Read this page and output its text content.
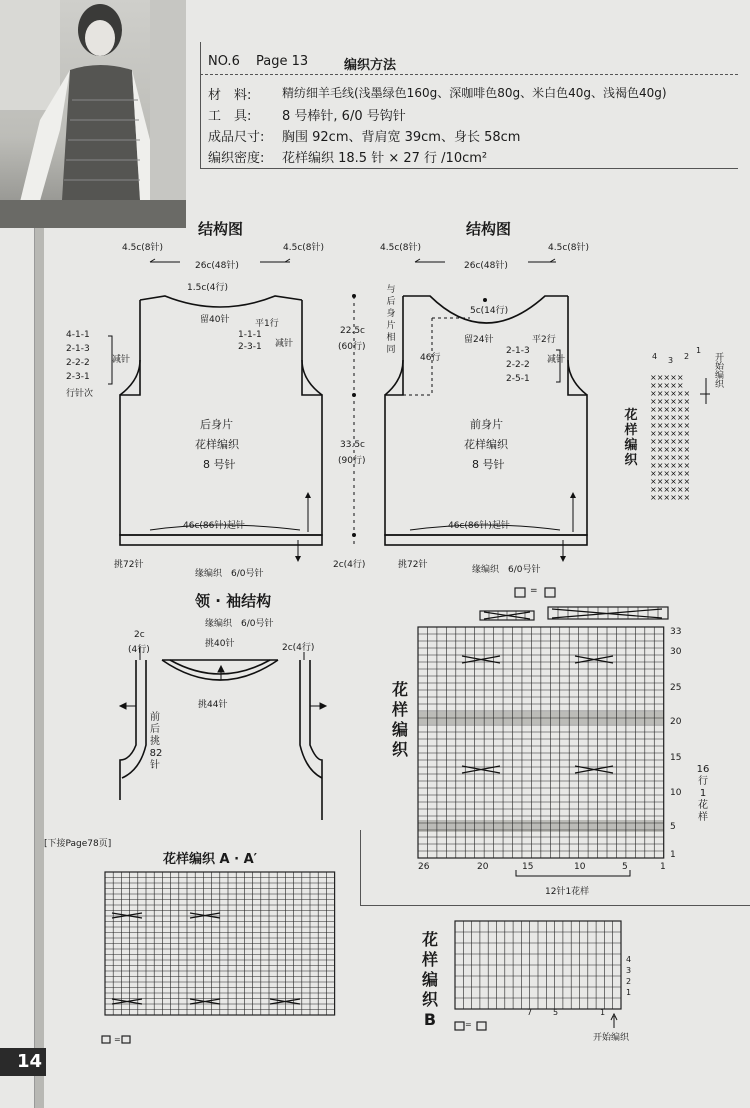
NO.6 Page 13	编织方法
材　料:	精纺细羊毛线(浅墨绿色160g、深咖啡色80g、米白色40g、浅褐色40g)
工　具: 8 号棒针, 6/0 号钩针
成品尺寸: 胸围 92cm、背肩宽 39cm、身长 58cm
编织密度: 花样编织 18.5 针 × 27 行 /10cm²
结构图
4.5c(8针)	4.5c(8针)
26c(48针)
1.5c(4行)
留40针	平1行
1-1-1
2-3-1 减针
4-1-1
2-1-3
2-2-2
2-3-1
行针次
减针
22.5c
(60行)
33.5c
(90行)
后身片
花样编织
8 号针
46c(86针)起针
挑72针
缘编织　6/0号针
2c(4行)
结构图
4.5c(8针)	4.5c(8针)
26c(48针)
与
后
身
片
相
同
5c(14行)
留24针
46行
平2行
2-1-3
2-2-2
2-5-1
减针
前身片
花样编织
8 号针
46c(86针)起针
挑72针	缘编织　6/0号针
花
样
编
织
开始编织
4 3 2
1
×××××
×××××
××××××
××××××
××××××
××××××
××××××
××××××
××××××
××××××
××××××
××××××
××××××
××××××
××××××
××××××
领 · 袖结构
缘编织　6/0号针
挑40针
挑44针
2c
(4行)	2c(4行)
前
后
挑
82
针
=
花
样
编
织
33
30
25
20
15
10
5
1
26	20	15	10	5	1
12针1花样
16
行
1
花
样
[下接Page78页]
花样编织 A · A′
=
花
样
编
织
B
开始编织
=
7	5	1
4
3
2
1
14
